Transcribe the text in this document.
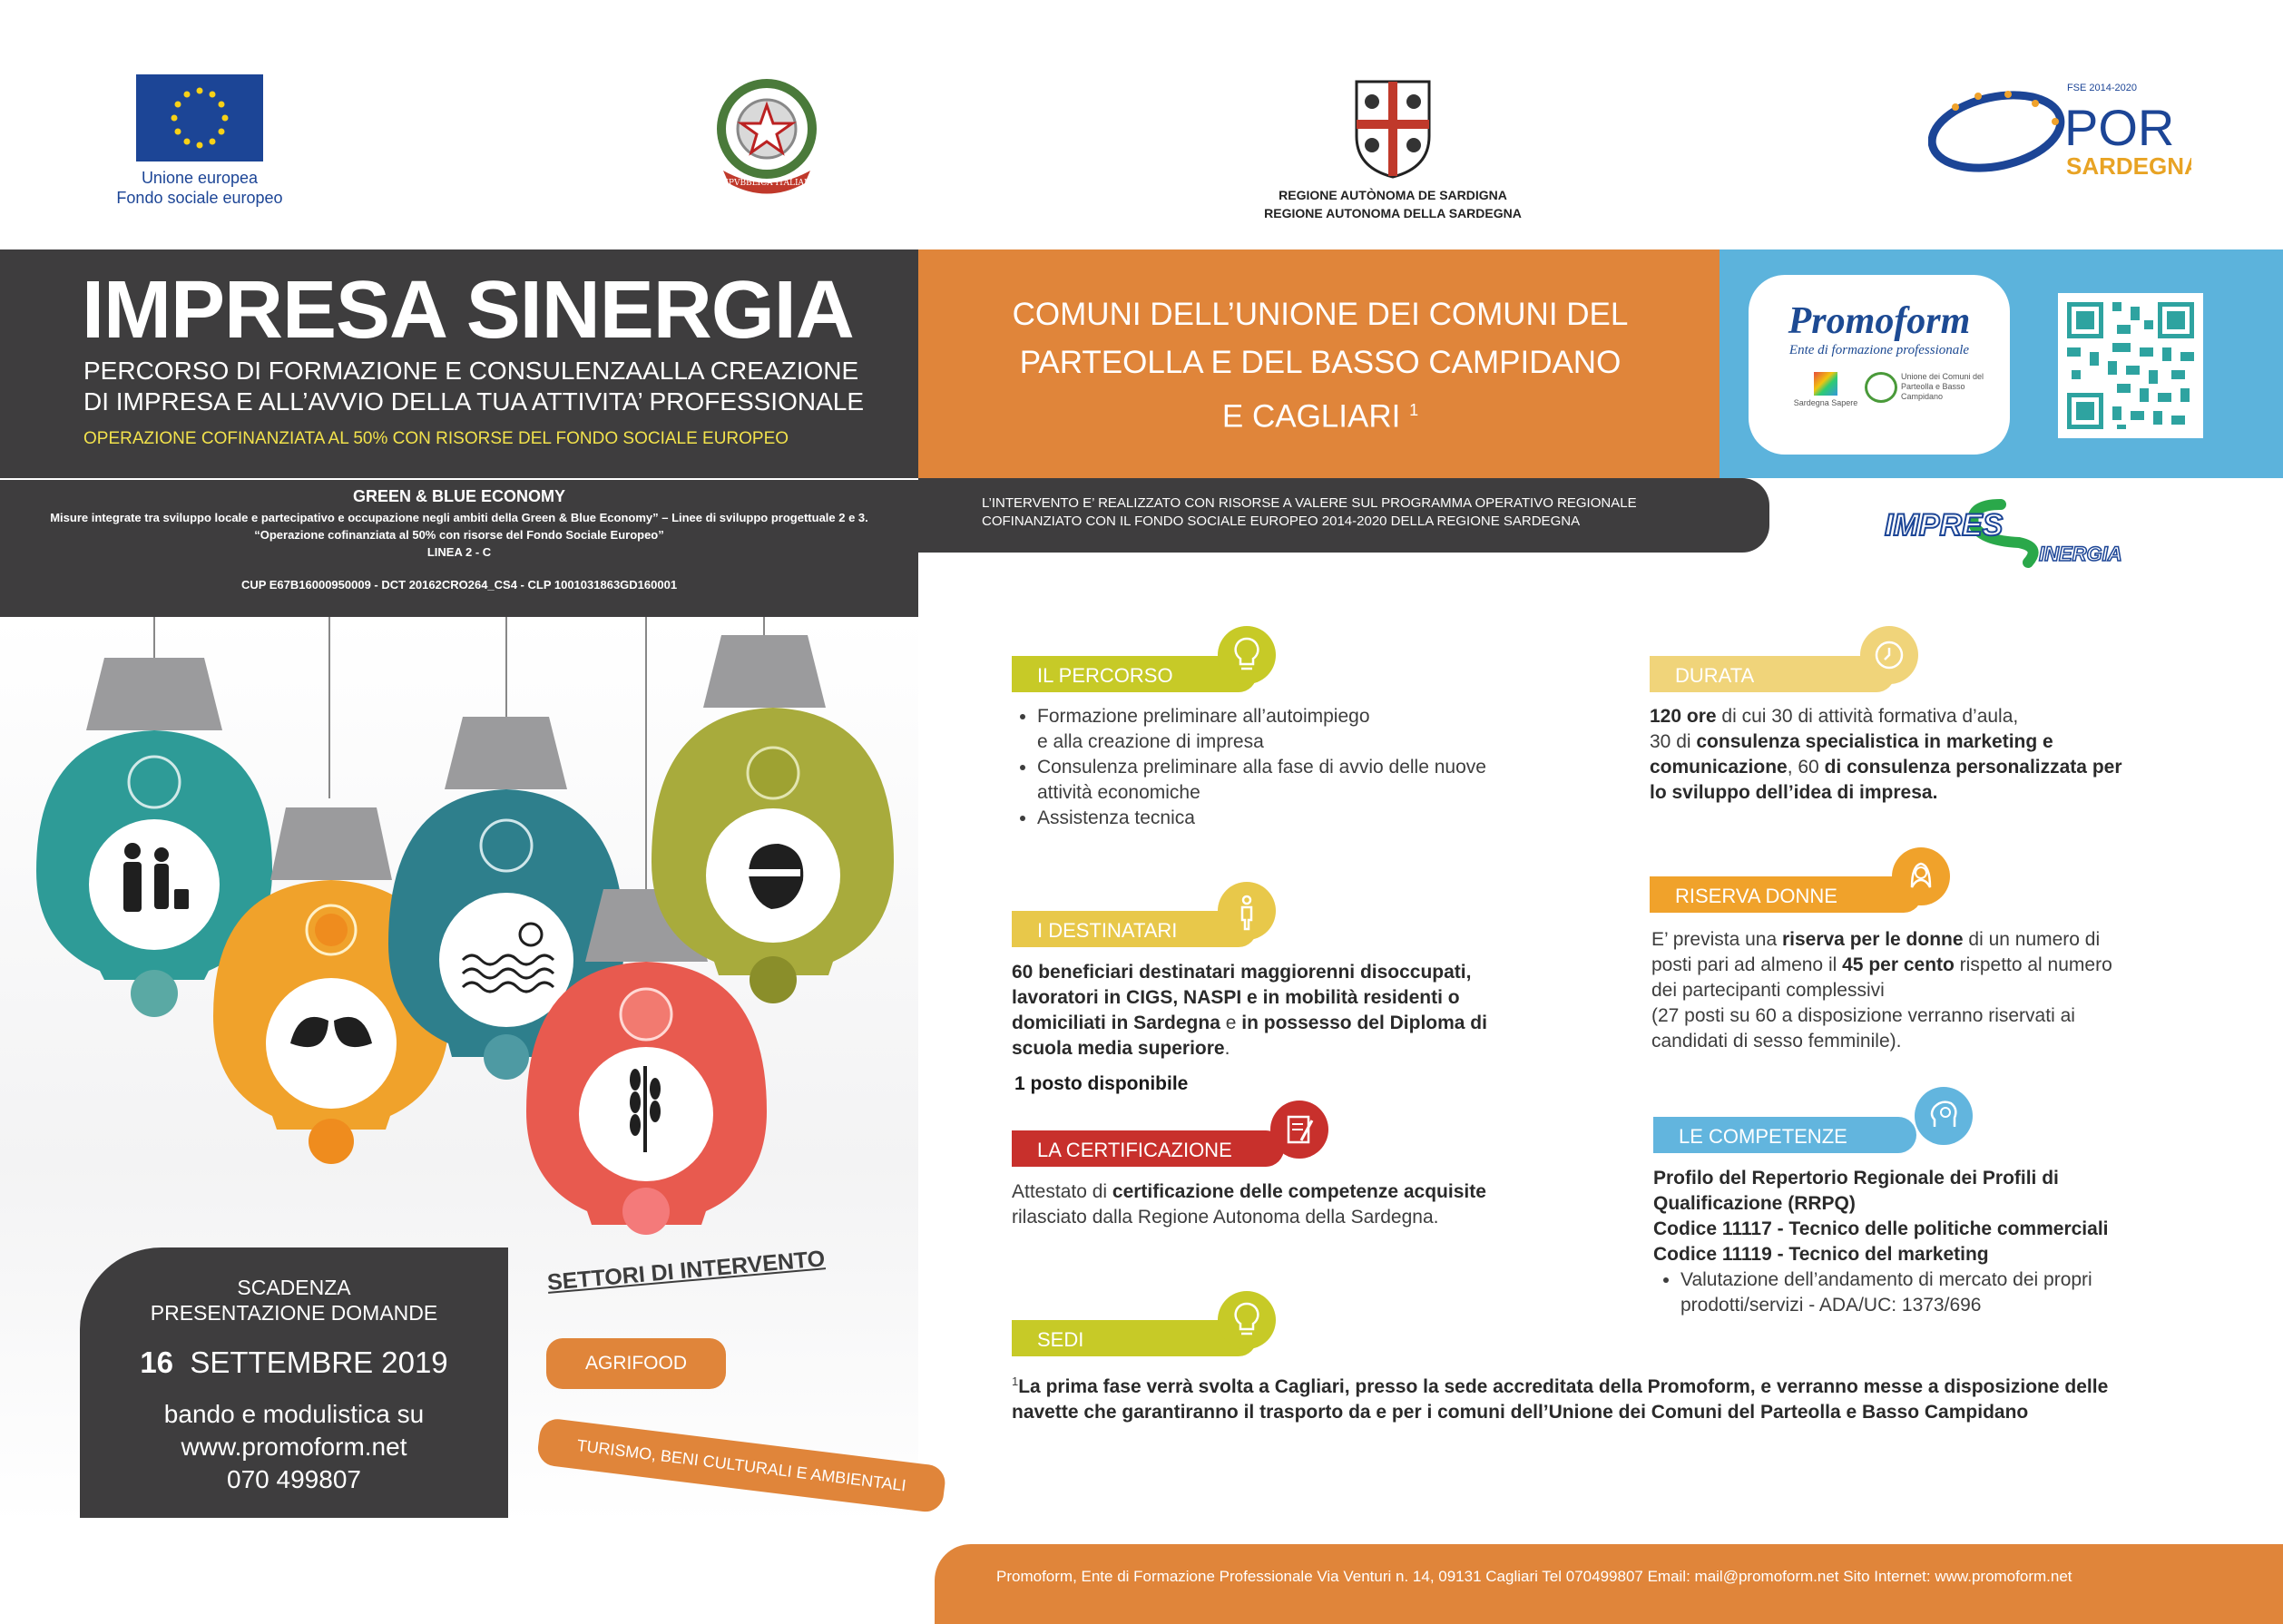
Unione europea
Fondo sociale europeo
REPVBBLICA ITALIANA
REGIONE AUTÒNOMA DE SARDIGNA
REGIONE AUTONOMA DELLA SARDEGNA
FSE 2014-2020
POR
SARDEGNA
IMPRESA SINERGIA
PERCORSO DI FORMAZIONE E CONSULENZAALLA CREAZIONE
DI IMPRESA E ALL’AVVIO DELLA TUA ATTIVITA’ PROFESSIONALE
OPERAZIONE COFINANZIATA AL 50% CON RISORSE DEL FONDO SOCIALE EUROPEO
GREEN & BLUE ECONOMY
Misure integrate tra sviluppo locale e partecipativo e occupazione negli ambiti della Green & Blue Economy” – Linee di sviluppo progettuale 2 e 3.
“Operazione cofinanziata al 50% con risorse del Fondo Sociale Europeo”
LINEA 2 - C
CUP E67B16000950009 - DCT 20162CRO264_CS4 - CLP 1001031863GD160001
COMUNI DELL’UNIONE DEI COMUNI DEL
PARTEOLLA E DEL BASSO CAMPIDANO
E CAGLIARI $^1$
Promoform
Ente di formazione professionale
Sardegna Sapere
Unione dei Comuni del Parteolla e Basso Campidano
L’INTERVENTO E’ REALIZZATO CON RISORSE A VALERE SUL PROGRAMMA OPERATIVO REGIONALE
COFINANZIATO CON IL FONDO SOCIALE EUROPEO 2014-2020 DELLA REGIONE SARDEGNA	IMPRES
INERGIA
SCADENZA
PRESENTAZIONE DOMANDE
16 SETTEMBRE 2019
bando e modulistica su
www.promoform.net
070 499807
SETTORI DI INTERVENTO
AGRIFOOD
TURISMO, BENI CULTURALI E AMBIENTALI
IL PERCORSO
• Formazione preliminare all’autoimpiego
e alla creazione di impresa
• Consulenza preliminare alla fase di avvio delle nuove
attività economiche
• Assistenza tecnica
I DESTINATARI
60 beneficiari destinatari maggiorenni disoccupati,
lavoratori in CIGS, NASPI e in mobilità residenti o
domiciliati in Sardegna e in possesso del Diploma di
scuola media superiore.
1 posto disponibile
LA CERTIFICAZIONE
Attestato di certificazione delle competenze acquisite
rilasciato dalla Regione Autonoma della Sardegna.
SEDI
$^1$La prima fase verrà svolta a Cagliari, presso la sede accreditata della Promoform, e verranno messe a disposizione delle
navette che garantiranno il trasporto da e per i comuni dell’Unione dei Comuni del Parteolla e Basso Campidano
DURATA
120 ore di cui 30 di attività formativa d’aula,
30 di consulenza specialistica in marketing e
comunicazione, 60 di consulenza personalizzata per
lo sviluppo dell’idea di impresa.
RISERVA DONNE
E’ prevista una riserva per le donne di un numero di
posti pari ad almeno il 45 per cento rispetto al numero
dei partecipanti complessivi
(27 posti su 60 a disposizione verranno riservati ai
candidati di sesso femminile).
LE COMPETENZE
Profilo del Repertorio Regionale dei Profili di
Qualificazione (RRPQ)
Codice 11117 - Tecnico delle politiche commerciali
Codice 11119 - Tecnico del marketing
• Valutazione dell’andamento di mercato dei propri
prodotti/servizi - ADA/UC: 1373/696
Promoform, Ente di Formazione Professionale Via Venturi n. 14, 09131 Cagliari Tel 070499807 Email: mail@promoform.net Sito Internet: www.promoform.net
